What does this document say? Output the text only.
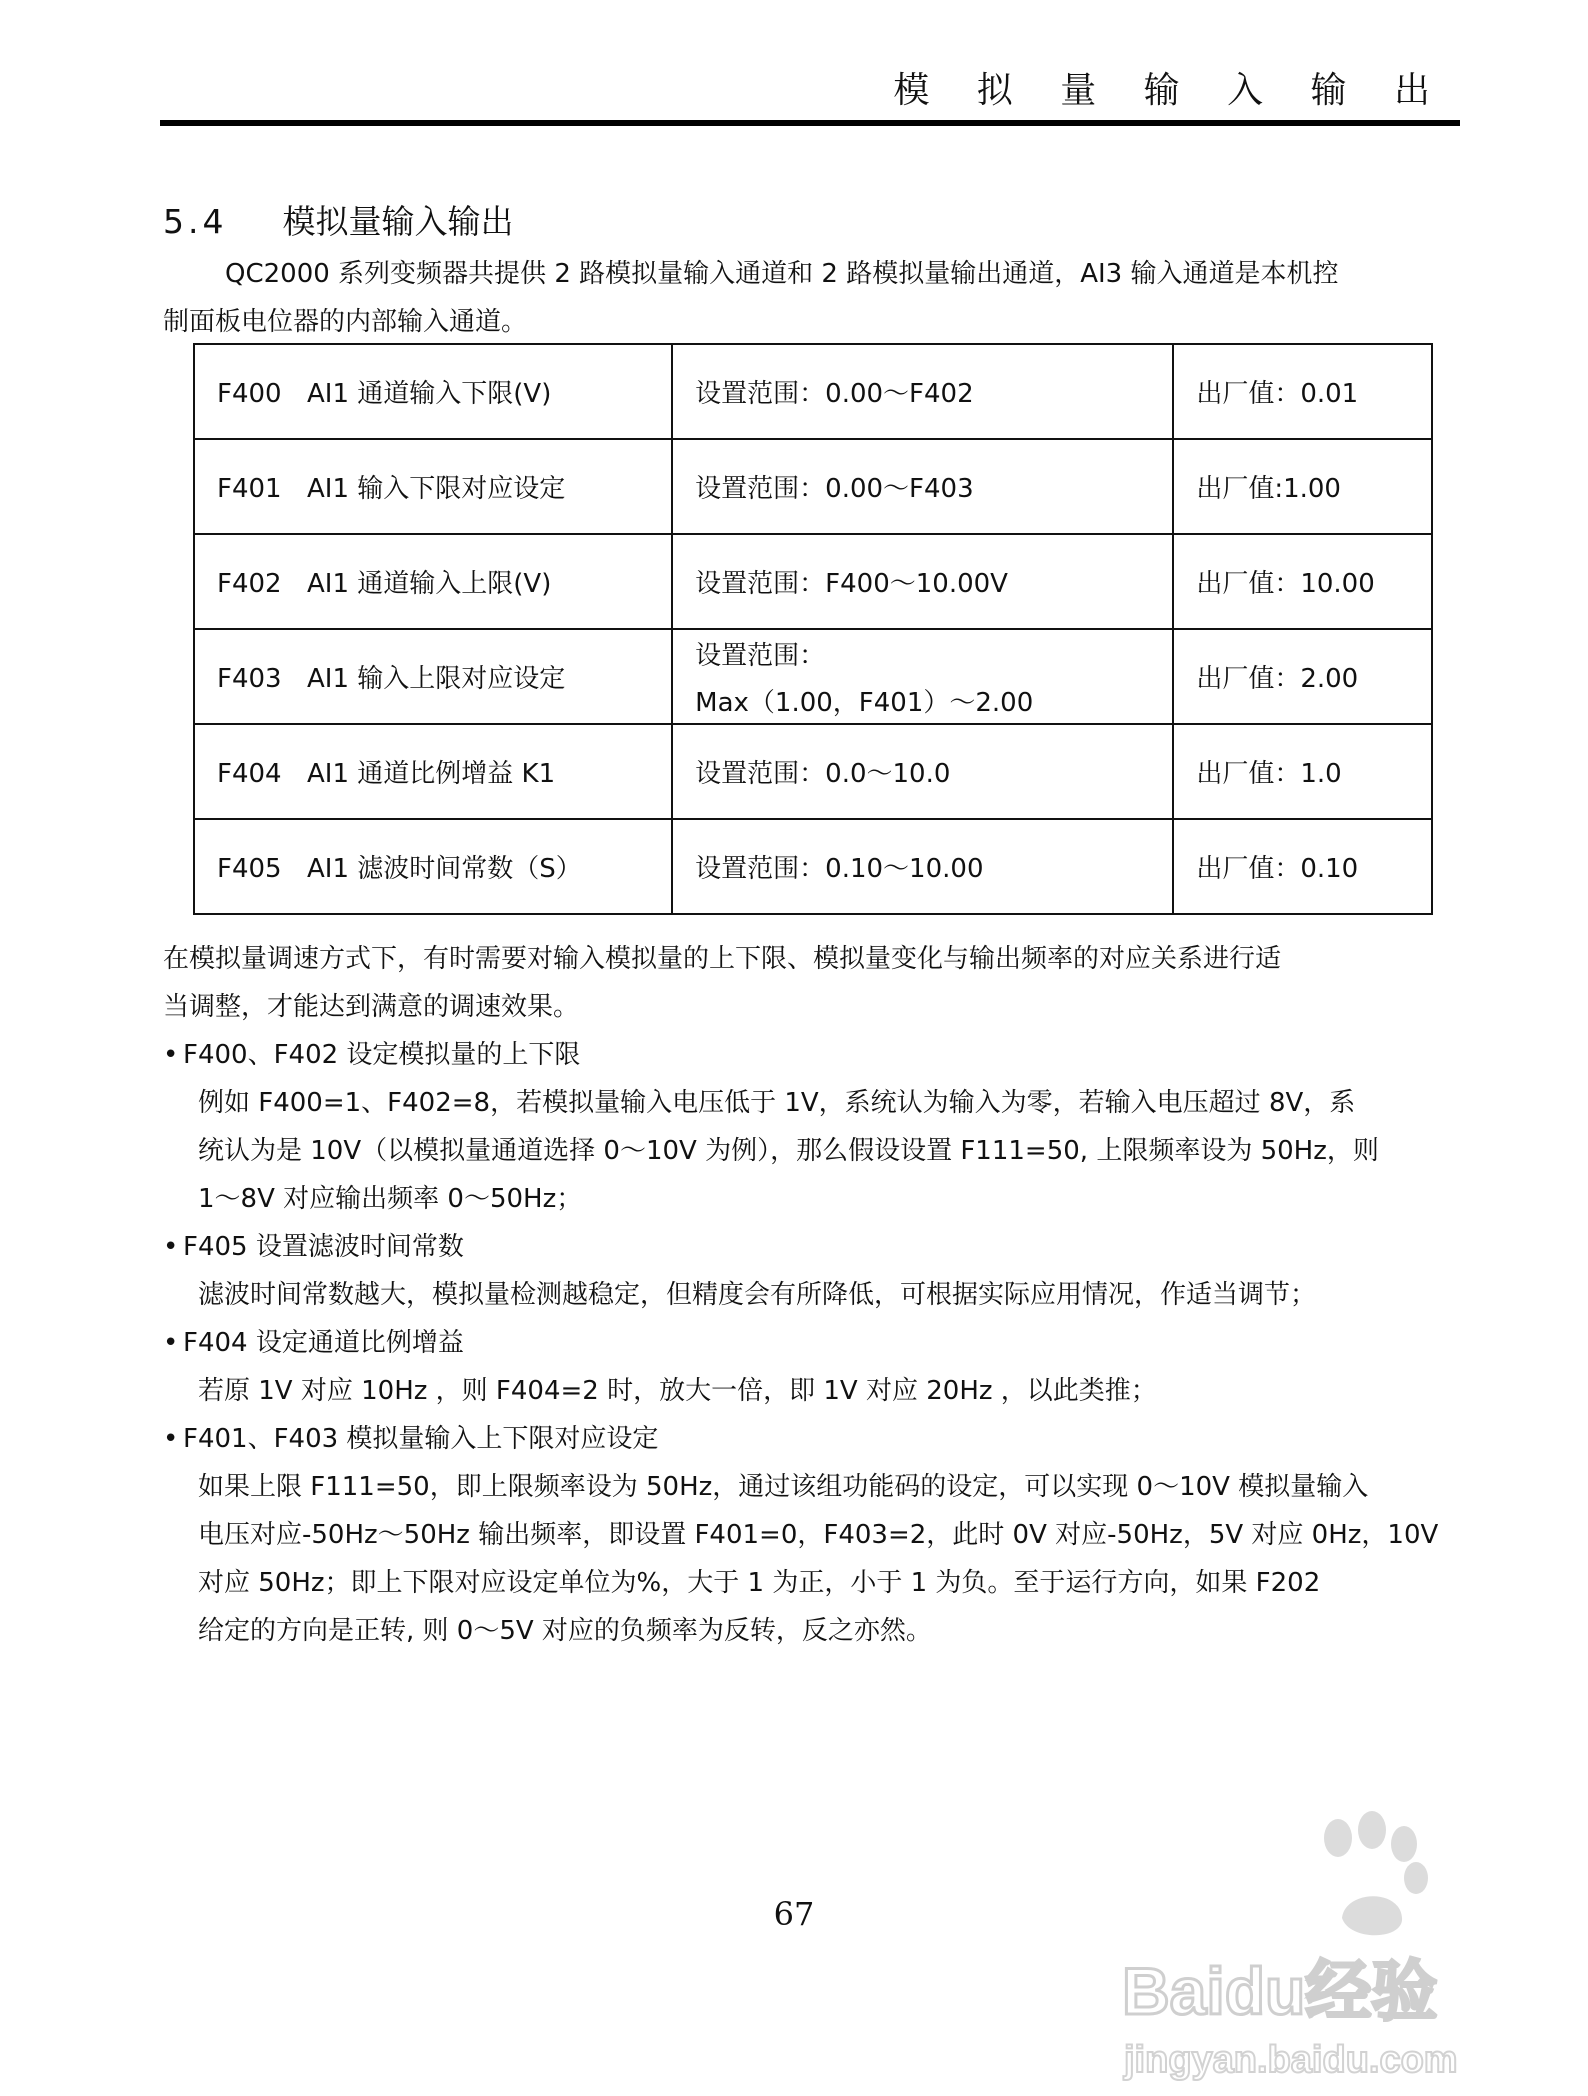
模 拟 量 输 入 输 出
5.4 模拟量输入输出
QC2000 系列变频器共提供 2 路模拟量输入通道和 2 路模拟量输出通道，AI3 输入通道是本机控
制面板电位器的内部输入通道。
F400 AI1 通道输入下限(V)	设置范围：0.00～F402	出厂值：0.01
F401 AI1 输入下限对应设定	设置范围：0.00～F403	出厂值:1.00
F402 AI1 通道输入上限(V)	设置范围：F400～10.00V	出厂值：10.00
F403 AI1 输入上限对应设定	设置范围：
Max（1.00，F401）～2.00	出厂值：2.00
F404 AI1 通道比例增益 K1	设置范围：0.0～10.0	出厂值：1.0
F405 AI1 滤波时间常数（S）	设置范围：0.10～10.00	出厂值：0.10
在模拟量调速方式下，有时需要对输入模拟量的上下限、模拟量变化与输出频率的对应关系进行适
当调整，才能达到满意的调速效果。
• F400、F402 设定模拟量的上下限
例如 F400=1、F402=8，若模拟量输入电压低于 1V，系统认为输入为零，若输入电压超过 8V，系
统认为是 10V（以模拟量通道选择 0～10V 为例），那么假设设置 F111=50, 上限频率设为 50Hz，则
1～8V 对应输出频率 0～50Hz；
• F405 设置滤波时间常数
滤波时间常数越大，模拟量检测越稳定，但精度会有所降低，可根据实际应用情况，作适当调节；
• F404 设定通道比例增益
若原 1V 对应 10Hz ，则 F404=2 时，放大一倍，即 1V 对应 20Hz ，以此类推；
• F401、F403 模拟量输入上下限对应设定
如果上限 F111=50，即上限频率设为 50Hz，通过该组功能码的设定，可以实现 0～10V 模拟量输入
电压对应-50Hz～50Hz 输出频率，即设置 F401=0，F403=2，此时 0V 对应-50Hz，5V 对应 0Hz，10V
对应 50Hz；即上下限对应设定单位为%，大于 1 为正，小于 1 为负。至于运行方向，如果 F202
给定的方向是正转, 则 0～5V 对应的负频率为反转，反之亦然。
67
Baidu经验
jingyan.baidu.com
